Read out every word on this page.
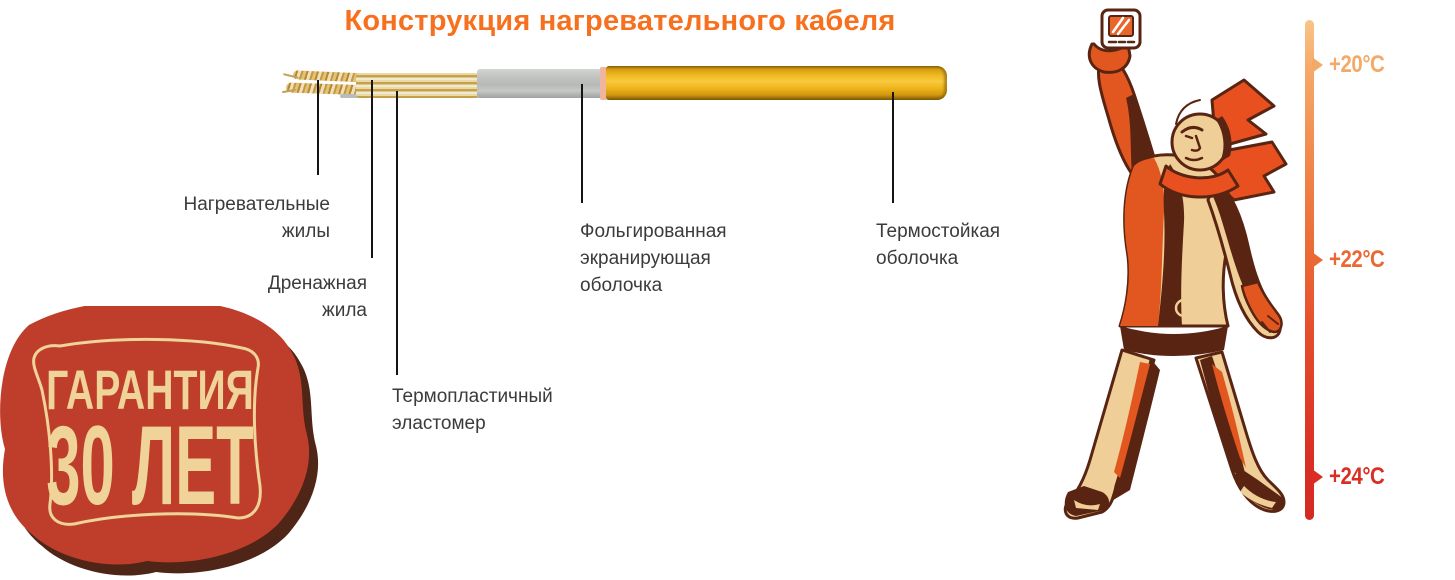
Конструкция нагревательного кабеля
Нагревательные
жилы
Дренажная
жила
Термопластичный
эластомер
Фольгированная
экранирующая
оболочка
Термостойкая
оболочка
ГАРАНТИЯ
30 ЛЕТ
+20°C
+22°C
+24°C
